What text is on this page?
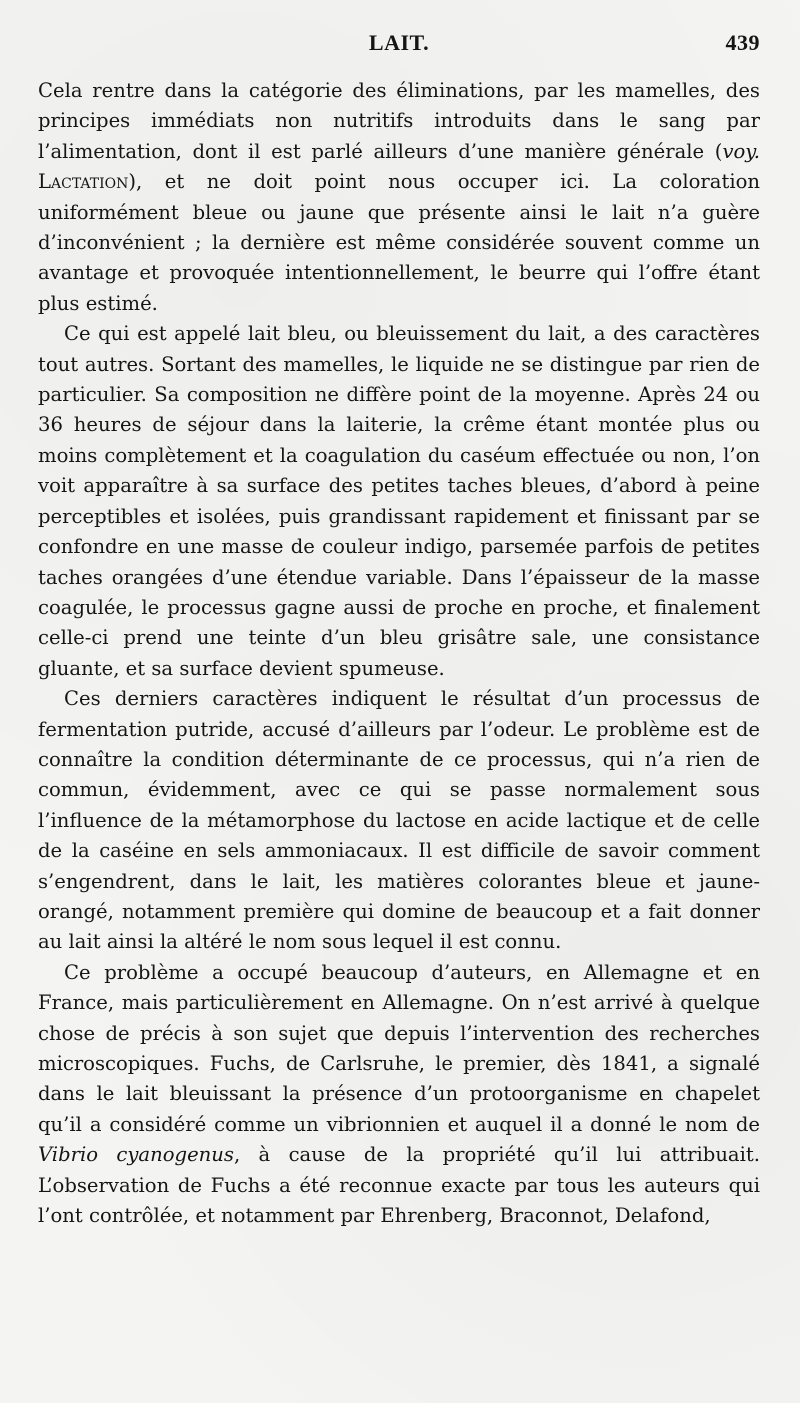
LAIT.	439

Cela rentre dans la catégorie des éliminations, par les mamelles, des principes immédiats non nutritifs introduits dans le sang par l’alimentation, dont il est parlé ailleurs d’une manière générale (voy. Lactation), et ne doit point nous occuper ici. La coloration uniformément bleue ou jaune que présente ainsi le lait n’a guère d’inconvénient ; la dernière est même considérée souvent comme un avantage et provoquée intentionnellement, le beurre qui l’offre étant plus estimé.

Ce qui est appelé lait bleu, ou bleuissement du lait, a des caractères tout autres. Sortant des mamelles, le liquide ne se distingue par rien de particulier. Sa composition ne diffère point de la moyenne. Après 24 ou 36 heures de séjour dans la laiterie, la crême étant montée plus ou moins complètement et la coagulation du caséum effectuée ou non, l’on voit apparaître à sa surface des petites taches bleues, d’abord à peine perceptibles et isolées, puis grandissant rapidement et finissant par se confondre en une masse de couleur indigo, parsemée parfois de petites taches orangées d’une étendue variable. Dans l’épaisseur de la masse coagulée, le processus gagne aussi de proche en proche, et finalement celle-ci prend une teinte d’un bleu grisâtre sale, une consistance gluante, et sa surface devient spumeuse.

Ces derniers caractères indiquent le résultat d’un processus de fermentation putride, accusé d’ailleurs par l’odeur. Le problème est de connaître la condition déterminante de ce processus, qui n’a rien de commun, évidemment, avec ce qui se passe normalement sous l’influence de la métamorphose du lactose en acide lactique et de celle de la caséine en sels ammoniacaux. Il est difficile de savoir comment s’engendrent, dans le lait, les matières colorantes bleue et jaune-orangé, notamment première qui domine de beaucoup et a fait donner au lait ainsi la altéré le nom sous lequel il est connu.

Ce problème a occupé beaucoup d’auteurs, en Allemagne et en France, mais particulièrement en Allemagne. On n’est arrivé à quelque chose de précis à son sujet que depuis l’intervention des recherches microscopiques. Fuchs, de Carlsruhe, le premier, dès 1841, a signalé dans le lait bleuissant la présence d’un protoorganisme en chapelet qu’il a considéré comme un vibrionnien et auquel il a donné le nom de Vibrio cyanogenus, à cause de la propriété qu’il lui attribuait. L’observation de Fuchs a été reconnue exacte par tous les auteurs qui l’ont contrôlée, et notamment par Ehrenberg, Braconnot, Delafond,
